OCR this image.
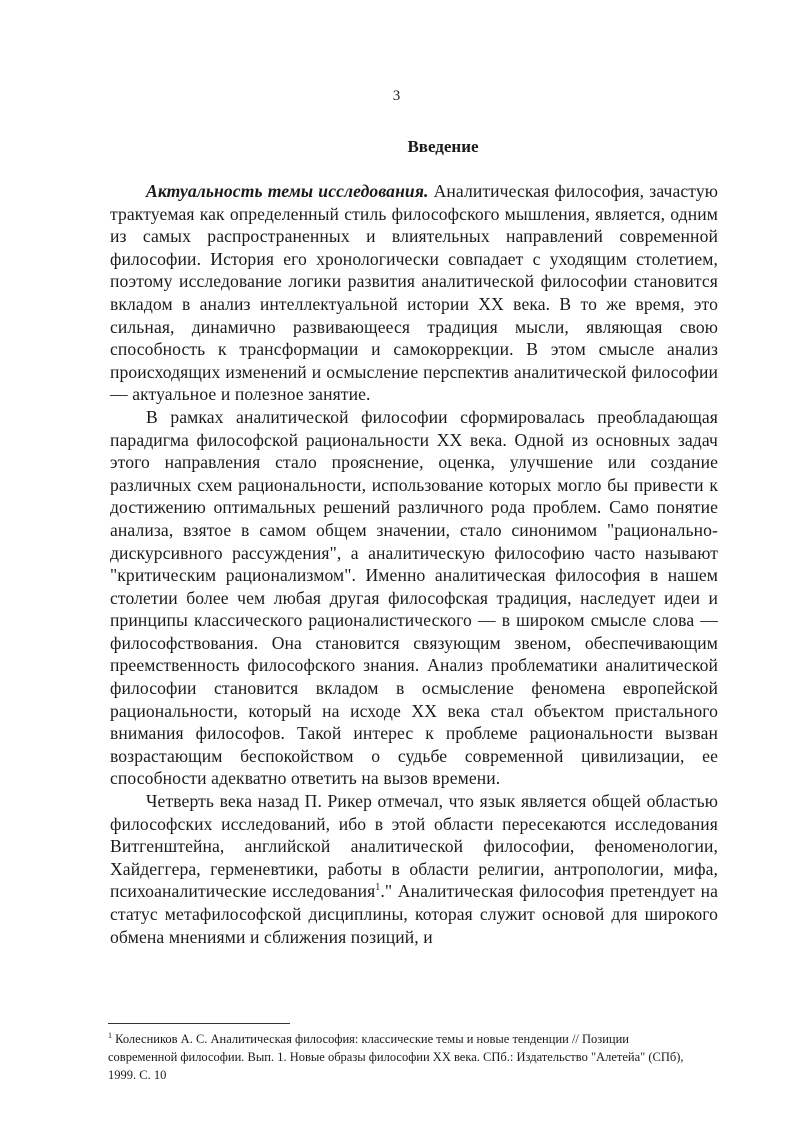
3
Введение

Актуальность темы исследования. Аналитическая философия, зачастую трактуемая как определенный стиль философского мышления, является, одним из самых распространенных и влиятельных направлений современной философии. История его хронологически совпадает с уходящим столетием, поэтому исследование логики развития аналитической философии становится вкладом в анализ интеллектуальной истории XX века. В то же время, это сильная, динамично развивающееся традиция мысли, являющая свою способность к трансформации и самокоррекции. В этом смысле анализ происходящих изменений и осмысление перспектив аналитической философии — актуальное и полезное занятие.

В рамках аналитической философии сформировалась преобладающая парадигма философской рациональности XX века. Одной из основных задач этого направления стало прояснение, оценка, улучшение или создание различных схем рациональности, использование которых могло бы привести к достижению оптимальных решений различного рода проблем. Само понятие анализа, взятое в самом общем значении, стало синонимом "рационально-дискурсивного рассуждения", а аналитическую философию часто называют "критическим рационализмом". Именно аналитическая философия в нашем столетии более чем любая другая философская традиция, наследует идеи и принципы классического рационалистического — в широком смысле слова — философствования. Она становится связующим звеном, обеспечивающим преемственность философского знания. Анализ проблематики аналитической философии становится вкладом в осмысление феномена европейской рациональности, который на исходе XX века стал объектом пристального внимания философов. Такой интерес к проблеме рациональности вызван возрастающим беспокойством о судьбе современной цивилизации, ее способности адекватно ответить на вызов времени.

Четверть века назад П. Рикер отмечал, что язык является общей областью философских исследований, ибо в этой области пересекаются исследования Витгенштейна, английской аналитической философии, феноменологии, Хайдеггера, герменевтики, работы в области религии, антропологии, мифа, психоаналитические исследования$^1$." Аналитическая философия претендует на статус метафилософской дисциплины, которая служит основой для широкого обмена мнениями и сближения позиций, и

$^1$ Колесников А. С. Аналитическая философия: классические темы и новые тенденции // Позиции современной философии. Вып. 1. Новые образы философии XX века. СПб.: Издательство "Алетейа" (СПб), 1999. С. 10
